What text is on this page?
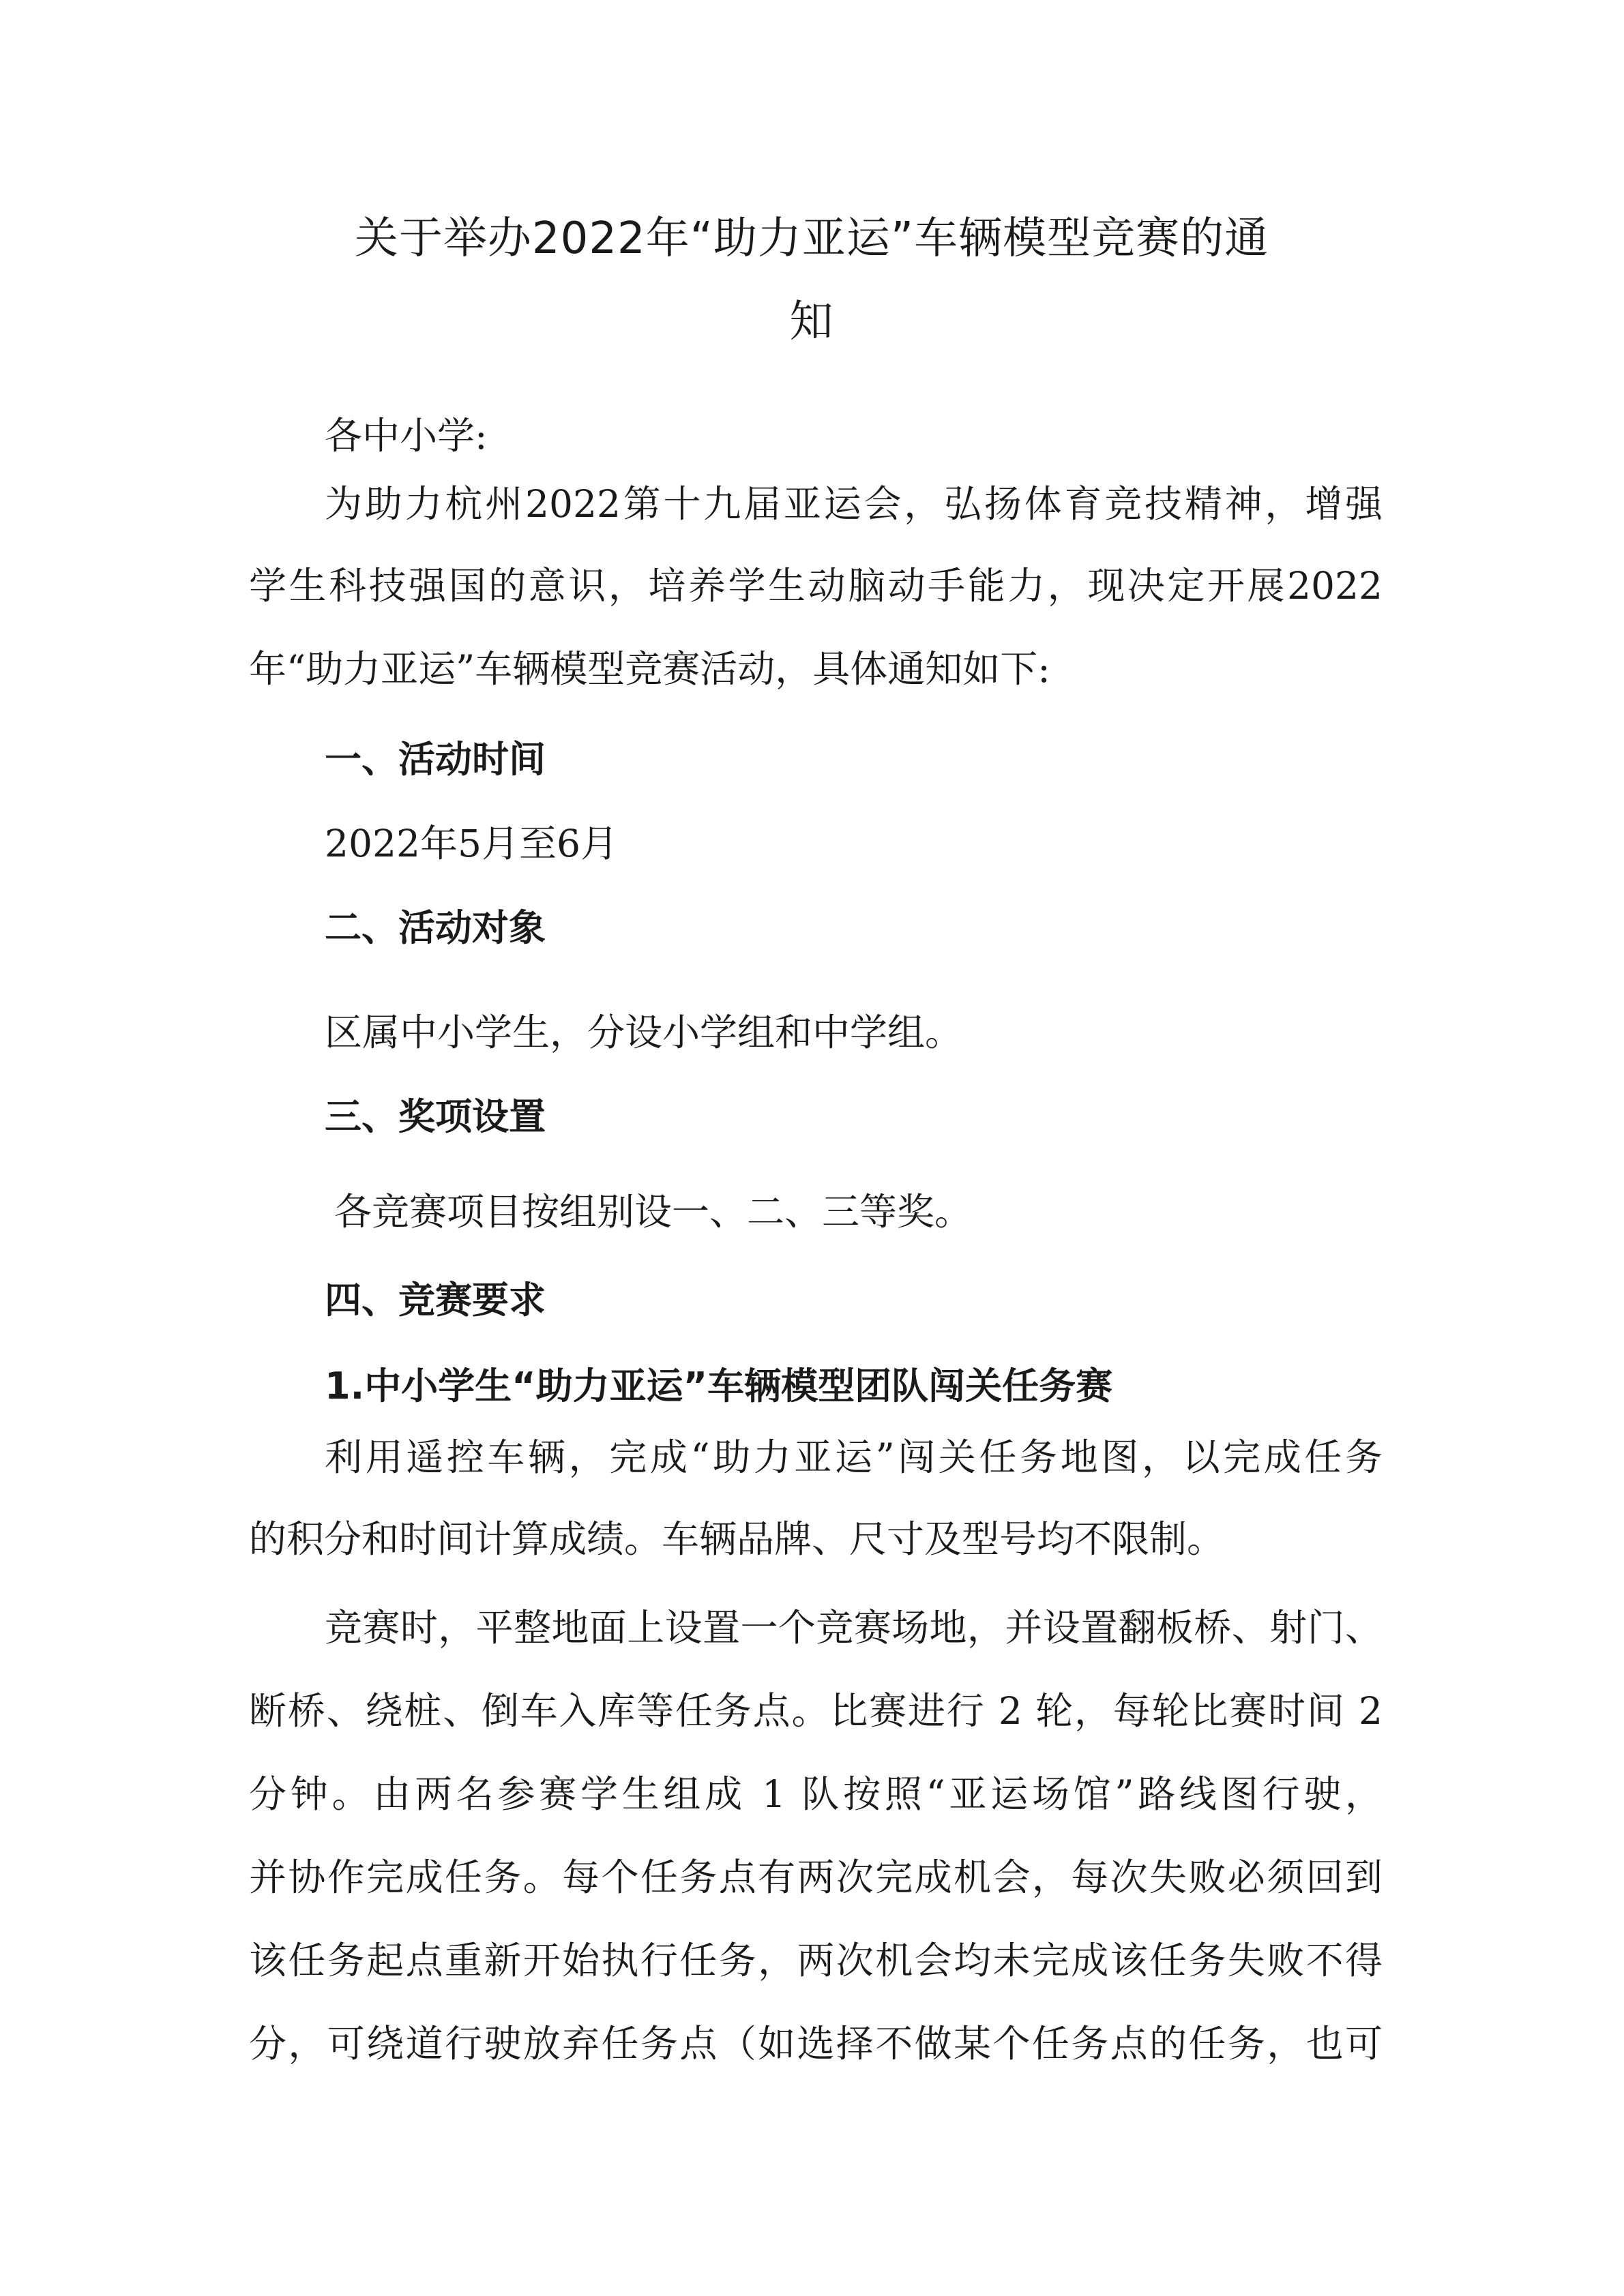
关于举办2022年“助力亚运”车辆模型竞赛的通
知

各中小学:

为助力杭州2022第十九届亚运会，弘扬体育竞技精神，增强

学生科技强国的意识，培养学生动脑动手能力，现决定开展2022

年“助力亚运”车辆模型竞赛活动，具体通知如下:

一、活动时间

2022年5月至6月

二、活动对象

区属中小学生，分设小学组和中学组。

三、奖项设置

各竞赛项目按组别设一、二、三等奖。

四、竞赛要求

1.中小学生“助力亚运”车辆模型团队闯关任务赛

利用遥控车辆，完成“助力亚运”闯关任务地图，以完成任务

的积分和时间计算成绩。车辆品牌、尺寸及型号均不限制。

竞赛时，平整地面上设置一个竞赛场地，并设置翻板桥、射门、

断桥、绕桩、倒车入库等任务点。比赛进行 2 轮，每轮比赛时间 2

分钟。由两名参赛学生组成 1 队按照“亚运场馆”路线图行驶，

并协作完成任务。每个任务点有两次完成机会，每次失败必须回到

该任务起点重新开始执行任务，两次机会均未完成该任务失败不得

分，可绕道行驶放弃任务点（如选择不做某个任务点的任务，也可
